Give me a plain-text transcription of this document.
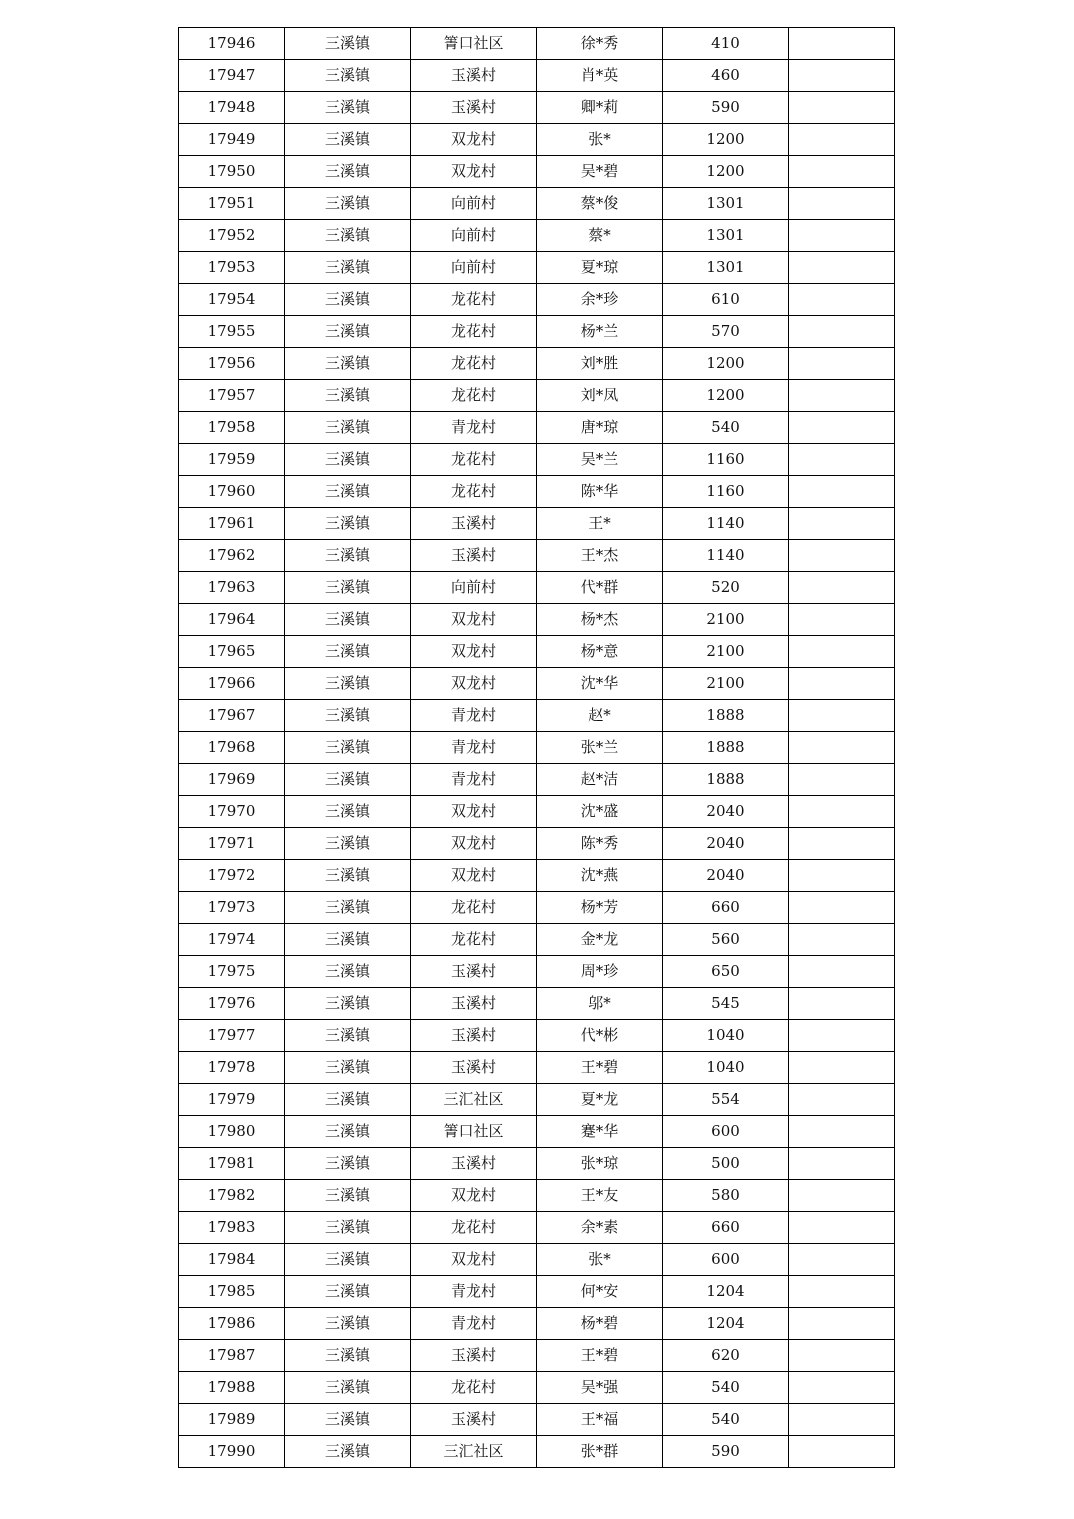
17946	三溪镇	箐口社区	徐*秀	410	
17947	三溪镇	玉溪村	肖*英	460	
17948	三溪镇	玉溪村	卿*莉	590	
17949	三溪镇	双龙村	张*	1200	
17950	三溪镇	双龙村	吴*碧	1200	
17951	三溪镇	向前村	蔡*俊	1301	
17952	三溪镇	向前村	蔡*	1301	
17953	三溪镇	向前村	夏*琼	1301	
17954	三溪镇	龙花村	余*珍	610	
17955	三溪镇	龙花村	杨*兰	570	
17956	三溪镇	龙花村	刘*胜	1200	
17957	三溪镇	龙花村	刘*凤	1200	
17958	三溪镇	青龙村	唐*琼	540	
17959	三溪镇	龙花村	吴*兰	1160	
17960	三溪镇	龙花村	陈*华	1160	
17961	三溪镇	玉溪村	王*	1140	
17962	三溪镇	玉溪村	王*杰	1140	
17963	三溪镇	向前村	代*群	520	
17964	三溪镇	双龙村	杨*杰	2100	
17965	三溪镇	双龙村	杨*意	2100	
17966	三溪镇	双龙村	沈*华	2100	
17967	三溪镇	青龙村	赵*	1888	
17968	三溪镇	青龙村	张*兰	1888	
17969	三溪镇	青龙村	赵*洁	1888	
17970	三溪镇	双龙村	沈*盛	2040	
17971	三溪镇	双龙村	陈*秀	2040	
17972	三溪镇	双龙村	沈*燕	2040	
17973	三溪镇	龙花村	杨*芳	660	
17974	三溪镇	龙花村	金*龙	560	
17975	三溪镇	玉溪村	周*珍	650	
17976	三溪镇	玉溪村	邬*	545	
17977	三溪镇	玉溪村	代*彬	1040	
17978	三溪镇	玉溪村	王*碧	1040	
17979	三溪镇	三汇社区	夏*龙	554	
17980	三溪镇	箐口社区	蹇*华	600	
17981	三溪镇	玉溪村	张*琼	500	
17982	三溪镇	双龙村	王*友	580	
17983	三溪镇	龙花村	余*素	660	
17984	三溪镇	双龙村	张*	600	
17985	三溪镇	青龙村	何*安	1204	
17986	三溪镇	青龙村	杨*碧	1204	
17987	三溪镇	玉溪村	王*碧	620	
17988	三溪镇	龙花村	吴*强	540	
17989	三溪镇	玉溪村	王*福	540	
17990	三溪镇	三汇社区	张*群	590	
